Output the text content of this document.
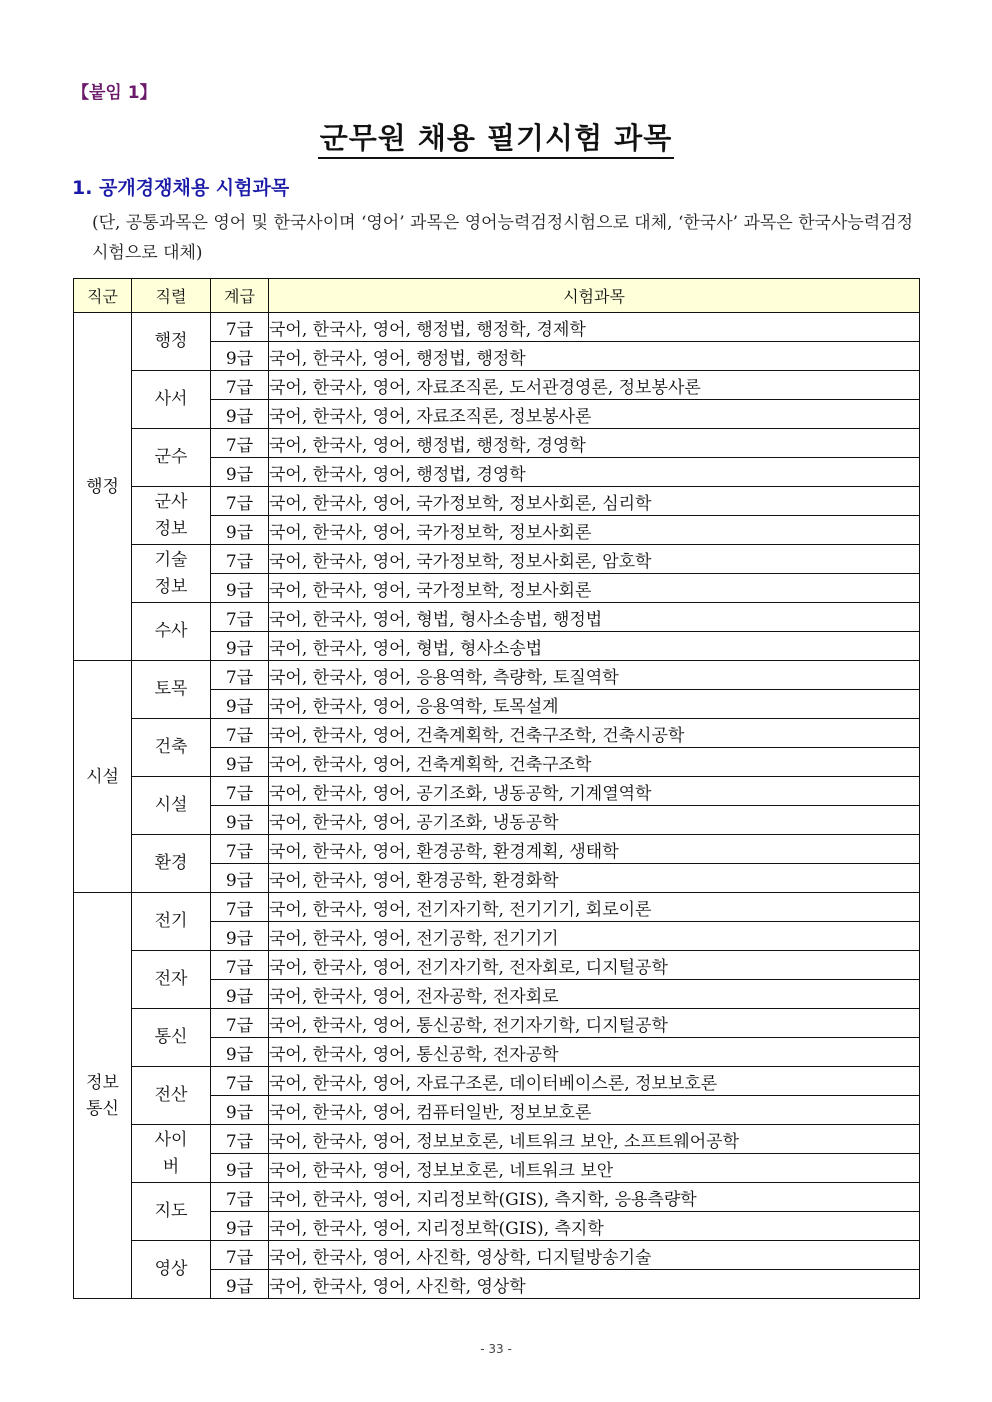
【붙임 1】
군무원 채용 필기시험 과목
1. 공개경쟁채용 시험과목
(단, 공통과목은 영어 및 한국사이며 ‘영어’ 과목은 영어능력검정시험으로 대체, ‘한국사’ 과목은 한국사능력검정시험으로 대체)
직군	직렬	계급	시험과목
행정	행정	7급	국어, 한국사, 영어, 행정법, 행정학, 경제학
		9급	국어, 한국사, 영어, 행정법, 행정학
	사서	7급	국어, 한국사, 영어, 자료조직론, 도서관경영론, 정보봉사론
		9급	국어, 한국사, 영어, 자료조직론, 정보봉사론
	군수	7급	국어, 한국사, 영어, 행정법, 행정학, 경영학
		9급	국어, 한국사, 영어, 행정법, 경영학
	군사정보	7급	국어, 한국사, 영어, 국가정보학, 정보사회론, 심리학
		9급	국어, 한국사, 영어, 국가정보학, 정보사회론
	기술정보	7급	국어, 한국사, 영어, 국가정보학, 정보사회론, 암호학
		9급	국어, 한국사, 영어, 국가정보학, 정보사회론
	수사	7급	국어, 한국사, 영어, 형법, 형사소송법, 행정법
		9급	국어, 한국사, 영어, 형법, 형사소송법
시설	토목	7급	국어, 한국사, 영어, 응용역학, 측량학, 토질역학
		9급	국어, 한국사, 영어, 응용역학, 토목설계
	건축	7급	국어, 한국사, 영어, 건축계획학, 건축구조학, 건축시공학
		9급	국어, 한국사, 영어, 건축계획학, 건축구조학
	시설	7급	국어, 한국사, 영어, 공기조화, 냉동공학, 기계열역학
		9급	국어, 한국사, 영어, 공기조화, 냉동공학
	환경	7급	국어, 한국사, 영어, 환경공학, 환경계획, 생태학
		9급	국어, 한국사, 영어, 환경공학, 환경화학
정보통신	전기	7급	국어, 한국사, 영어, 전기자기학, 전기기기, 회로이론
		9급	국어, 한국사, 영어, 전기공학, 전기기기
	전자	7급	국어, 한국사, 영어, 전기자기학, 전자회로, 디지털공학
		9급	국어, 한국사, 영어, 전자공학, 전자회로
	통신	7급	국어, 한국사, 영어, 통신공학, 전기자기학, 디지털공학
		9급	국어, 한국사, 영어, 통신공학, 전자공학
	전산	7급	국어, 한국사, 영어, 자료구조론, 데이터베이스론, 정보보호론
		9급	국어, 한국사, 영어, 컴퓨터일반, 정보보호론
	사이버	7급	국어, 한국사, 영어, 정보보호론, 네트워크 보안, 소프트웨어공학
		9급	국어, 한국사, 영어, 정보보호론, 네트워크 보안
	지도	7급	국어, 한국사, 영어, 지리정보학(GIS), 측지학, 응용측량학
		9급	국어, 한국사, 영어, 지리정보학(GIS), 측지학
	영상	7급	국어, 한국사, 영어, 사진학, 영상학, 디지털방송기술
		9급	국어, 한국사, 영어, 사진학, 영상학
- 33 -
